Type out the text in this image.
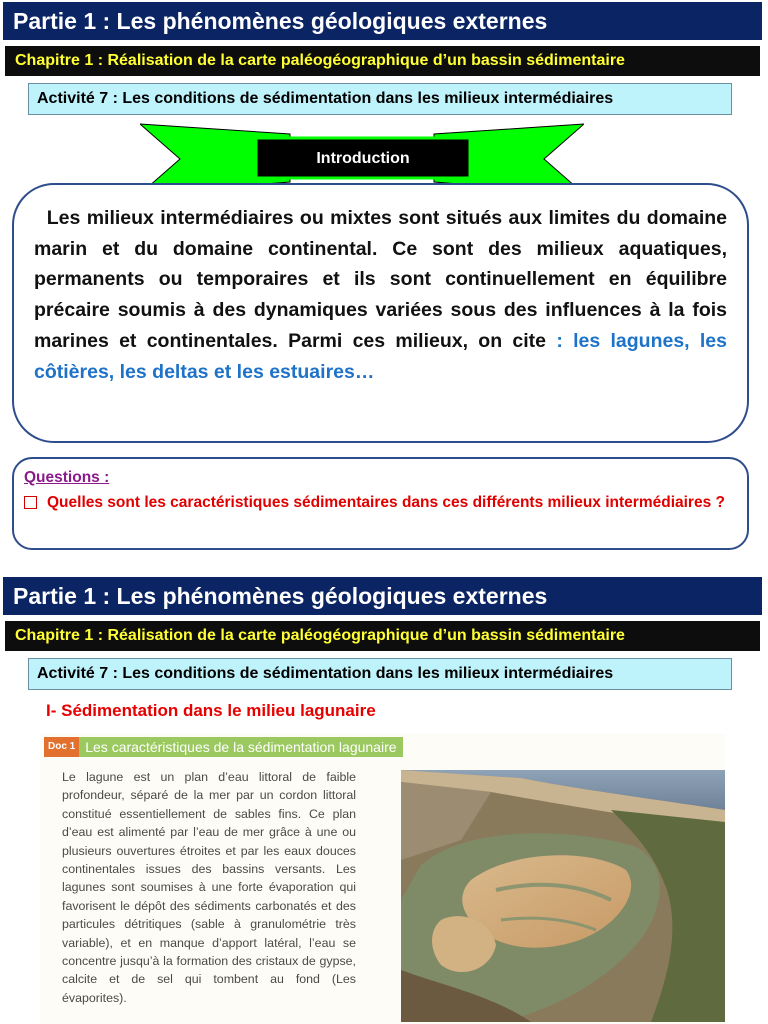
Partie 1 : Les phénomènes géologiques externes
Chapitre 1 : Réalisation de la carte paléogéographique d’un bassin sédimentaire
Activité 7 : Les conditions de sédimentation dans les milieux intermédiaires
Introduction
Les milieux intermédiaires ou mixtes sont situés aux limites du domaine marin et du domaine continental. Ce sont des milieux aquatiques, permanents ou temporaires et ils sont continuellement en équilibre précaire soumis à des dynamiques variées sous des influences à la fois marines et continentales. Parmi ces milieux, on cite : les lagunes, les côtières, les deltas et les estuaires…
Questions :
Quelles sont les caractéristiques sédimentaires dans ces différents milieux intermédiaires ?
Partie 1 : Les phénomènes géologiques externes
Chapitre 1 : Réalisation de la carte paléogéographique d’un bassin sédimentaire
Activité 7 : Les conditions de sédimentation dans les milieux intermédiaires
I- Sédimentation dans le milieu lagunaire
Doc 1 Les caractéristiques de la sédimentation lagunaire
Le lagune est un plan d’eau littoral de faible profondeur, séparé de la mer par un cordon littoral constitué essentiellement de sables fins. Ce plan d’eau est alimenté par l’eau de mer grâce à une ou plusieurs ouvertures étroites et par les eaux douces continentales issues des bassins versants. Les lagunes sont soumises à une forte évaporation qui favorisent le dépôt des sédiments carbonatés et des particules détritiques (sable à granulométrie très variable), et en manque d’apport latéral, l’eau se concentre jusqu’à la formation des cristaux de gypse, calcite et de sel qui tombent au fond (Les évaporites).
